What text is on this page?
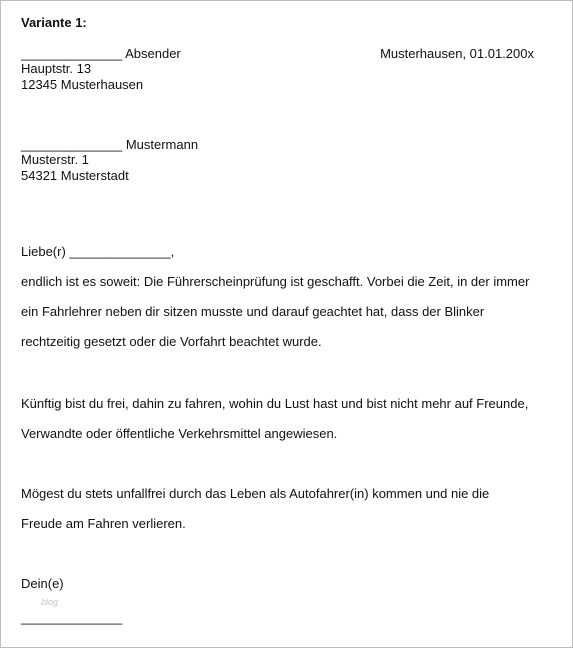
Variante 1:
______________ Absender	Musterhausen, 01.01.200x
Hauptstr. 13
12345 Musterhausen
______________ Mustermann
Musterstr. 1
54321 Musterstadt
Liebe(r) ______________,
endlich ist es soweit: Die Führerscheinprüfung ist geschafft. Vorbei die Zeit, in der immer
ein Fahrlehrer neben dir sitzen musste und darauf geachtet hat, dass der Blinker
rechtzeitig gesetzt oder die Vorfahrt beachtet wurde.
Künftig bist du frei, dahin zu fahren, wohin du Lust hast und bist nicht mehr auf Freunde,
Verwandte oder öffentliche Verkehrsmittel angewiesen.
Mögest du stets unfallfrei durch das Leben als Autofahrer(in) kommen und nie die
Freude am Fahren verlieren.
Dein(e)
blog
______________
